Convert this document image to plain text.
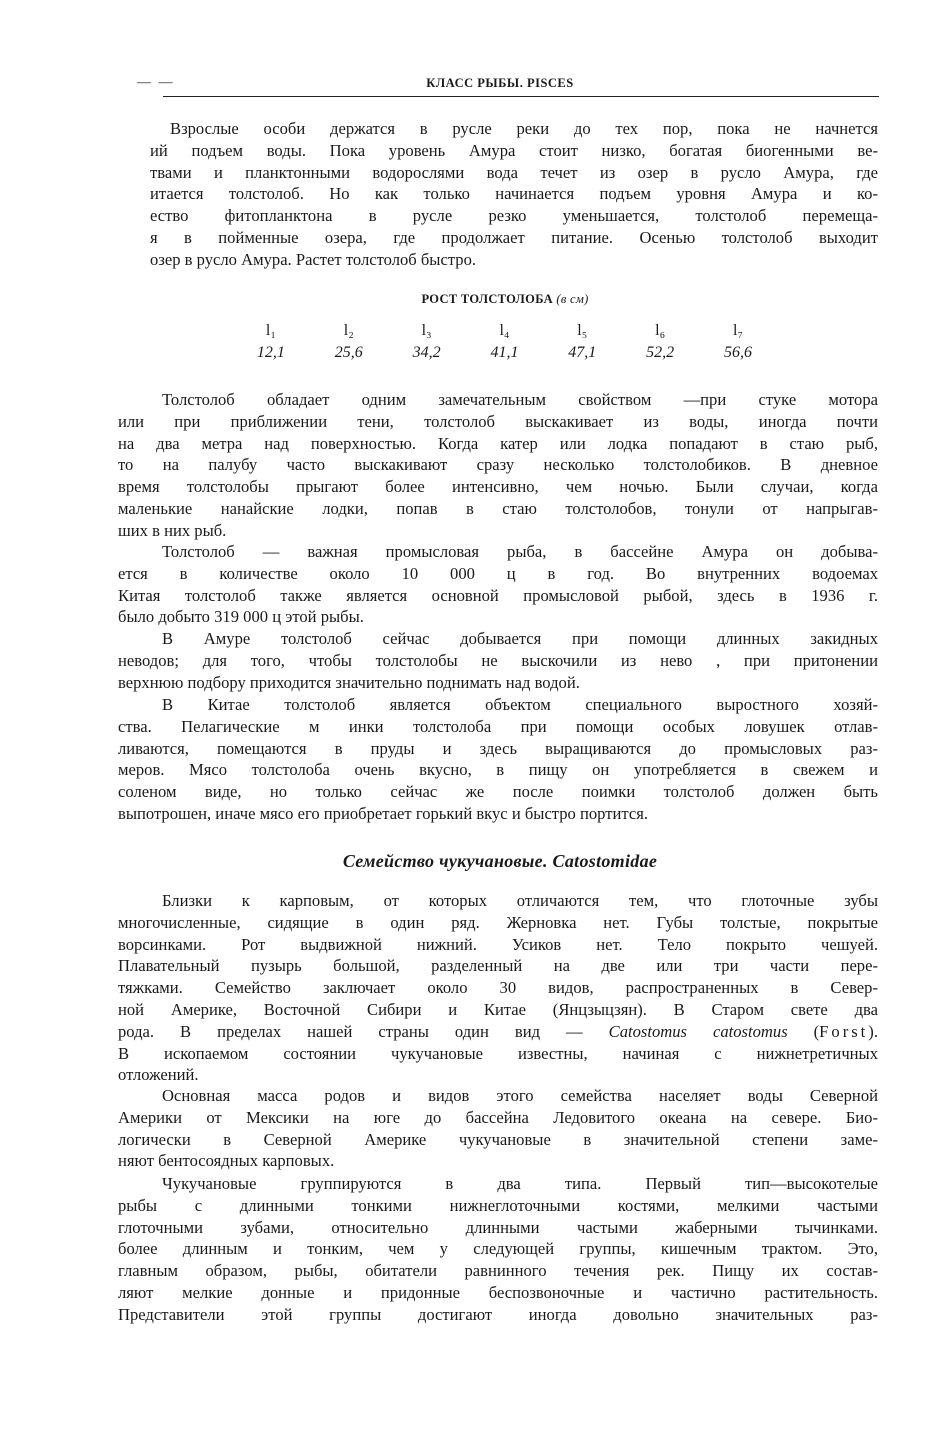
— —	КЛАСС РЫБЫ. PISCES

Взрослые особи держатся в русле реки до тех пор, пока не начнется
ий подъем воды. Пока уровень Амура стоит низко, богатая биогенными ве-
твами и планктонными водорослями вода течет из озер в русло Амура, где
итается толстолоб. Но как только начинается подъем уровня Амура и ко-
ество фитопланктона в русле резко уменьшается, толстолоб перемеща-
я в пойменные озера, где продолжает питание. Осенью толстолоб выходит
озер в русло Амура. Растет толстолоб быстро.

РОСТ ТОЛСТОЛОБА (в см)
l₁	l₂	l₃	l₄	l₅	l₆	l₇
12,1	25,6	34,2	41,1	47,1	52,2	56,6

Толстолоб обладает одним замечательным свойством —при стуке мотора
или при приближении тени, толстолоб выскакивает из воды, иногда почти
на два метра над поверхностью. Когда катер или лодка попадают в стаю рыб,
то на палубу часто выскакивают сразу несколько толстолобиков. В дневное
время толстолобы прыгают более интенсивно, чем ночью. Были случаи, когда
маленькие нанайские лодки, попав в стаю толстолобов, тонули от напрыгав-
ших в них рыб.

Толстолоб — важная промысловая рыба, в бассейне Амура он добыва-
ется в количестве около 10 000 ц в год. Во внутренних водоемах
Китая толстолоб также является основной промысловой рыбой, здесь в 1936 г.
было добыто 319 000 ц этой рыбы.

В Амуре толстолоб сейчас добывается при помощи длинных закидных
неводов; для того, чтобы толстолобы не выскочили из нево , при притонении
верхнюю подбору приходится значительно поднимать над водой.

В Китае толстолоб является объектом специального выростного хозяй-
ства. Пелагические м инки толстолоба при помощи особых ловушек отлав-
ливаются, помещаются в пруды и здесь выращиваются до промысловых раз-
меров. Мясо толстолоба очень вкусно, в пищу он употребляется в свежем и
соленом виде, но только сейчас же после поимки толстолоб должен быть
выпотрошен, иначе мясо его приобретает горький вкус и быстро портится.

Семейство чукучановые. Catostomidae

Близки к карповым, от которых отличаются тем, что глоточные зубы
многочисленные, сидящие в один ряд. Жерновка нет. Губы толстые, покрытые
ворсинками. Рот выдвижной нижний. Усиков нет. Тело покрыто чешуей.
Плавательный пузырь большой, разделенный на две или три части пере-
тяжками. Семейство заключает около 30 видов, распространенных в Север-
ной Америке, Восточной Сибири и Китае (Янцзыцзян). В Старом свете два
рода. В пределах нашей страны один вид — Catostomus catostomus (Forst).
В ископаемом состоянии чукучановые известны, начиная с нижнетретичных
отложений.

Основная масса родов и видов этого семейства населяет воды Северной
Америки от Мексики на юге до бассейна Ледовитого океана на севере. Био-
логически в Северной Америке чукучановые в значительной степени заме-
няют бентосоядных карповых.

Чукучановые группируются в два типа. Первый тип—высокотелые
рыбы с длинными тонкими нижнеглоточными костями, мелкими частыми
глоточными зубами, относительно длинными частыми жаберными тычинками.
более длинным и тонким, чем у следующей группы, кишечным трактом. Это,
главным образом, рыбы, обитатели равнинного течения рек. Пищу их состав-
ляют мелкие донные и придонные беспозвоночные и частично растительность.
Представители этой группы достигают иногда довольно значительных раз-
